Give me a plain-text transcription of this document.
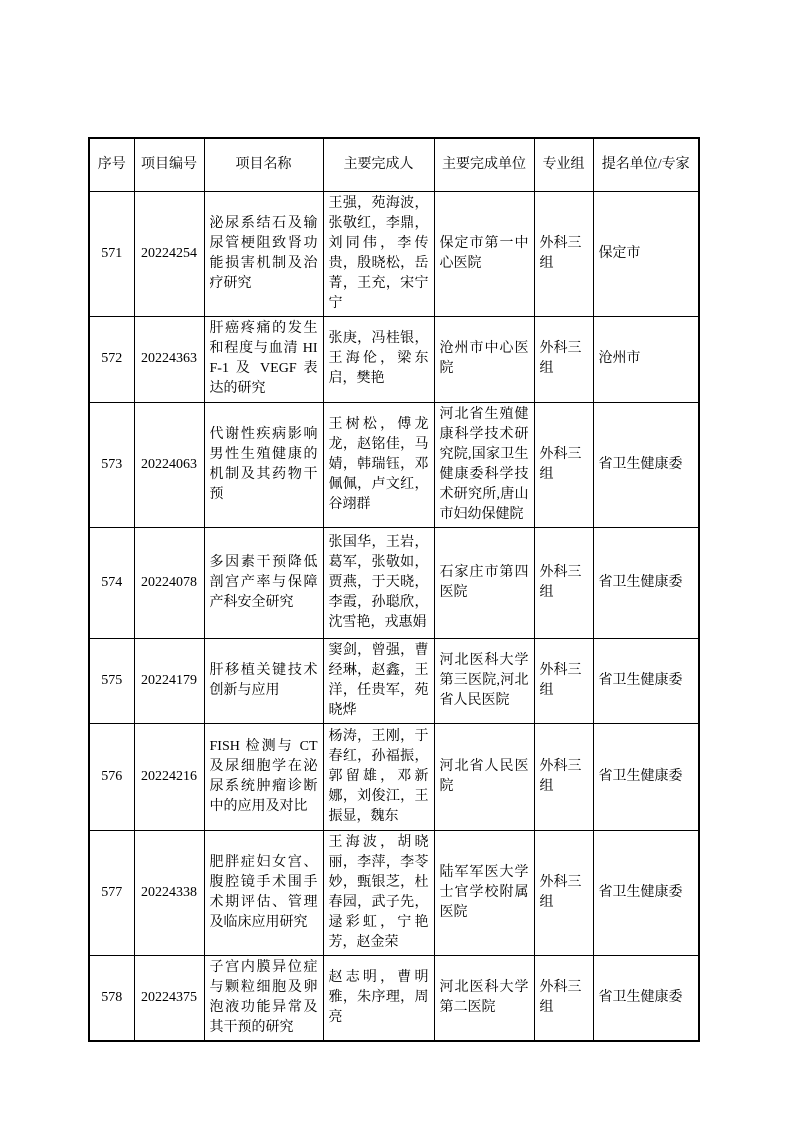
序号	项目编号	项目名称	主要完成人	主要完成单位	专业组	提名单位/专家
571	20224254	泌尿系结石及输尿管梗阻致肾功能损害机制及治疗研究	王强，苑海波，张敬红，李鼎，刘同伟，李传贵，殷晓松，岳菁，王充，宋宁宁	保定市第一中心医院	外科三组	保定市
572	20224363	肝癌疼痛的发生和程度与血清 HIF-1 及 VEGF 表达的研究	张庚，冯桂银，王海伦，梁东启，樊艳	沧州市中心医院	外科三组	沧州市
573	20224063	代谢性疾病影响男性生殖健康的机制及其药物干预	王树松，傅龙龙，赵铭佳，马婧，韩瑞钰，邓佩佩，卢文红，谷翊群	河北省生殖健康科学技术研究院,国家卫生健康委科学技术研究所,唐山市妇幼保健院	外科三组	省卫生健康委
574	20224078	多因素干预降低剖宫产率与保障产科安全研究	张国华，王岩，葛军，张敬如，贾燕，于天晓，李霞，孙聪欣，沈雪艳，戎惠娟	石家庄市第四医院	外科三组	省卫生健康委
575	20224179	肝移植关键技术创新与应用	窦剑，曾强，曹经琳，赵鑫，王洋，任贵军，苑晓烨	河北医科大学第三医院,河北省人民医院	外科三组	省卫生健康委
576	20224216	FISH 检测与 CT 及尿细胞学在泌尿系统肿瘤诊断中的应用及对比	杨涛，王刚，于春红，孙福振，郭留雄，邓新娜，刘俊江，王振显，魏东	河北省人民医院	外科三组	省卫生健康委
577	20224338	肥胖症妇女宫、腹腔镜手术围手术期评估、管理及临床应用研究	王海波，胡晓丽，李萍，李苓妙，甄银芝，杜春园，武子先，逯彩虹，宁艳芳，赵金荣	陆军军医大学士官学校附属医院	外科三组	省卫生健康委
578	20224375	子宫内膜异位症与颗粒细胞及卵泡液功能异常及其干预的研究	赵志明，曹明雅，朱序理，周亮	河北医科大学第二医院	外科三组	省卫生健康委
